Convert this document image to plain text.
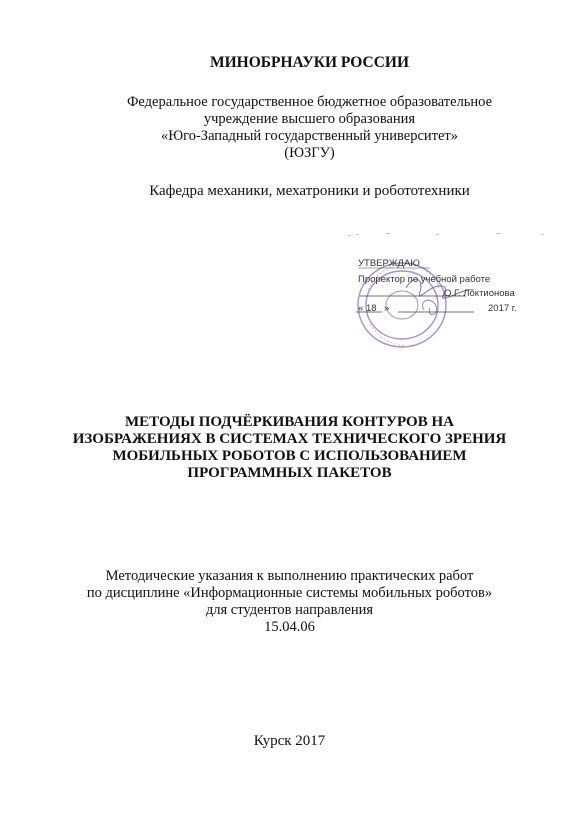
МИНОБРНАУКИ РОССИИ
Федеральное государственное бюджетное образовательное
учреждение высшего образования
«Юго-Западный государственный университет»
(ЮЗГУ)
Кафедра механики, мехатроники и робототехники
УТВЕРЖДАЮ
Проректор по учебной работе
О.Г. Локтионова
« 18 »	2017 г.
МЕТОДЫ ПОДЧЁРКИВАНИЯ КОНТУРОВ НА
ИЗОБРАЖЕНИЯХ В СИСТЕМАХ ТЕХНИЧЕСКОГО ЗРЕНИЯ
МОБИЛЬНЫХ РОБОТОВ С ИСПОЛЬЗОВАНИЕМ
ПРОГРАММНЫХ ПАКЕТОВ
Методические указания к выполнению практических работ
по дисциплине «Информационные системы мобильных роботов»
для студентов направления
15.04.06
Курск 2017
